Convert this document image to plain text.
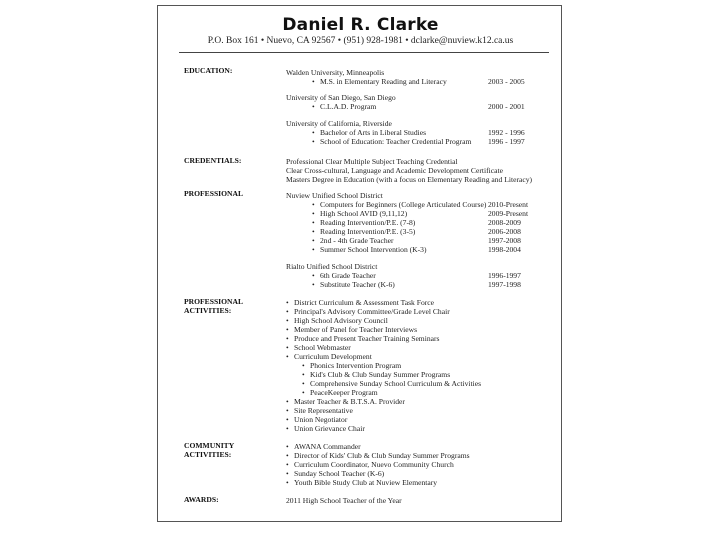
Daniel R. Clarke
P.O. Box 161 • Nuevo, CA 92567 • (951) 928-1981 • dclarke@nuview.k12.ca.us
EDUCATION:	Walden University, Minneapolis
• M.S. in Elementary Reading and Literacy	2003 - 2005
University of San Diego, San Diego
• C.L.A.D. Program	2000 - 2001
University of California, Riverside
• Bachelor of Arts in Liberal Studies	1992 - 1996
• School of Education: Teacher Credential Program 1996 - 1997
CREDENTIALS:	Professional Clear Multiple Subject Teaching Credential
Clear Cross-cultural, Language and Academic Development Certificate
Masters Degree in Education (with a focus on Elementary Reading and Literacy)
PROFESSIONAL	Nuview Unified School District
• Computers for Beginners (College Articulated Course) 2010-Present
• High School AVID (9,11,12)	2009-Present
• Reading Intervention/P.E. (7-8)	2008-2009
• Reading Intervention/P.E. (3-5)	2006-2008
• 2nd - 4th Grade Teacher	1997-2008
• Summer School Intervention (K-3)	1998-2004
Rialto Unified School District
• 6th Grade Teacher	1996-1997
• Substitute Teacher (K-6)	1997-1998
PROFESSIONAL
ACTIVITIES:
• District Curriculum & Assessment Task Force
• Principal's Advisory Committee/Grade Level Chair
• High School Advisory Council
• Member of Panel for Teacher Interviews
• Produce and Present Teacher Training Seminars
• School Webmaster
• Curriculum Development
• Phonics Intervention Program
• Kid's Club & Club Sunday Summer Programs
• Comprehensive Sunday School Curriculum & Activities
• PeaceKeeper Program
• Master Teacher & B.T.S.A. Provider
• Site Representative
• Union Negotiator
• Union Grievance Chair
COMMUNITY
ACTIVITIES:
• AWANA Commander
• Director of Kids' Club & Club Sunday Summer Programs
• Curriculum Coordinator, Nuevo Community Church
• Sunday School Teacher (K-6)
• Youth Bible Study Club at Nuview Elementary
AWARDS:	2011 High School Teacher of the Year
